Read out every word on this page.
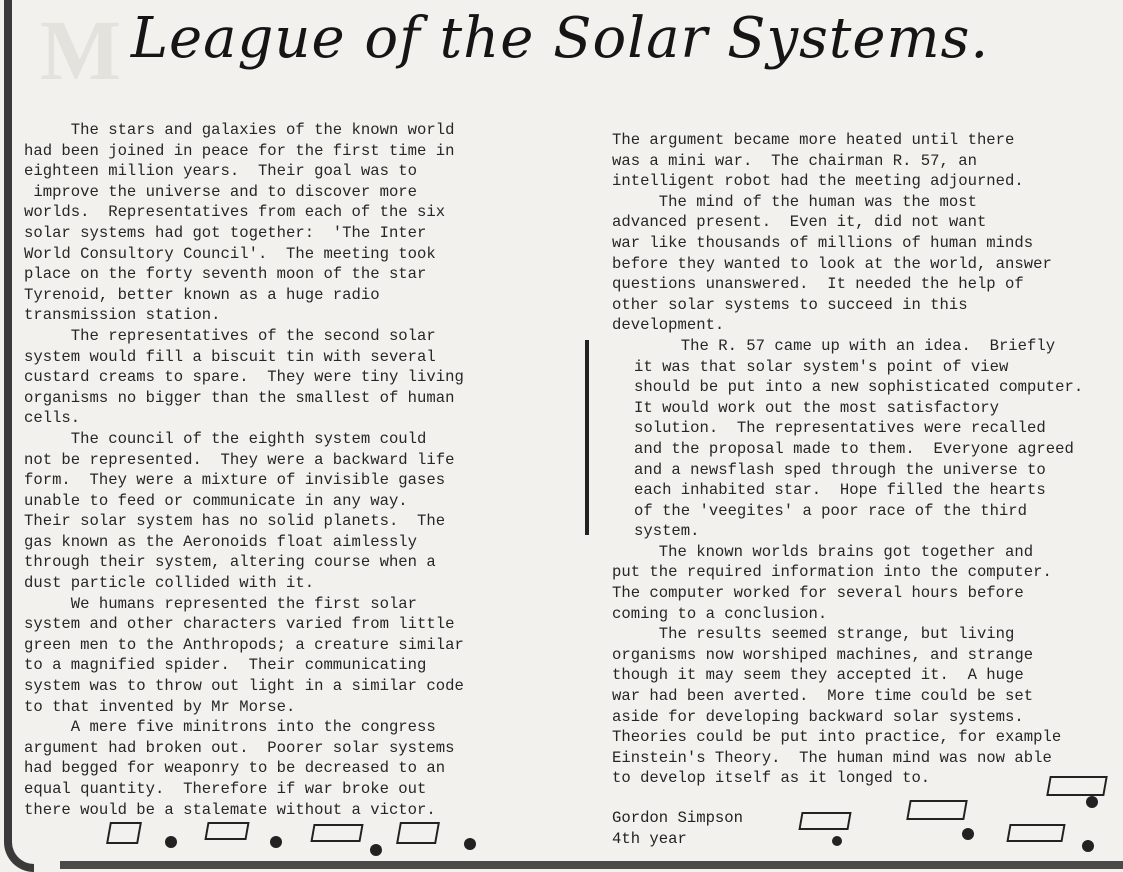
M League of the Solar Systems.
The stars and galaxies of the known world
had been joined in peace for the first time in
eighteen million years.  Their goal was to
improve the universe and to discover more
worlds.  Representatives from each of the six
solar systems had got together:  'The Inter
World Consultory Council'.  The meeting took
place on the forty seventh moon of the star
Tyrenoid, better known as a huge radio
transmission station.
The representatives of the second solar
system would fill a biscuit tin with several
custard creams to spare.  They were tiny living
organisms no bigger than the smallest of human
cells.
The council of the eighth system could
not be represented.  They were a backward life
form.  They were a mixture of invisible gases
unable to feed or communicate in any way.
Their solar system has no solid planets.  The
gas known as the Aeronoids float aimlessly
through their system, altering course when a
dust particle collided with it.
We humans represented the first solar
system and other characters varied from little
green men to the Anthropods; a creature similar
to a magnified spider.  Their communicating
system was to throw out light in a similar code
to that invented by Mr Morse.
A mere five minitrons into the congress
argument had broken out.  Poorer solar systems
had begged for weaponry to be decreased to an
equal quantity.  Therefore if war broke out
there would be a stalemate without a victor.
The argument became more heated until there
was a mini war.  The chairman R. 57, an
intelligent robot had the meeting adjourned.
The mind of the human was the most
advanced present.  Even it, did not want
war like thousands of millions of human minds
before they wanted to look at the world, answer
questions unanswered.  It needed the help of
other solar systems to succeed in this
development.
The R. 57 came up with an idea.  Briefly
it was that solar system's point of view
should be put into a new sophisticated computer.
It would work out the most satisfactory
solution.  The representatives were recalled
and the proposal made to them.  Everyone agreed
and a newsflash sped through the universe to
each inhabited star.  Hope filled the hearts
of the 'veegites' a poor race of the third
system.
The known worlds brains got together and
put the required information into the computer.
The computer worked for several hours before
coming to a conclusion.
The results seemed strange, but living
organisms now worshiped machines, and strange
though it may seem they accepted it.  A huge
war had been averted.  More time could be set
aside for developing backward solar systems.
Theories could be put into practice, for example
Einstein's Theory.  The human mind was now able
to develop itself as it longed to.
Gordon Simpson
4th year
